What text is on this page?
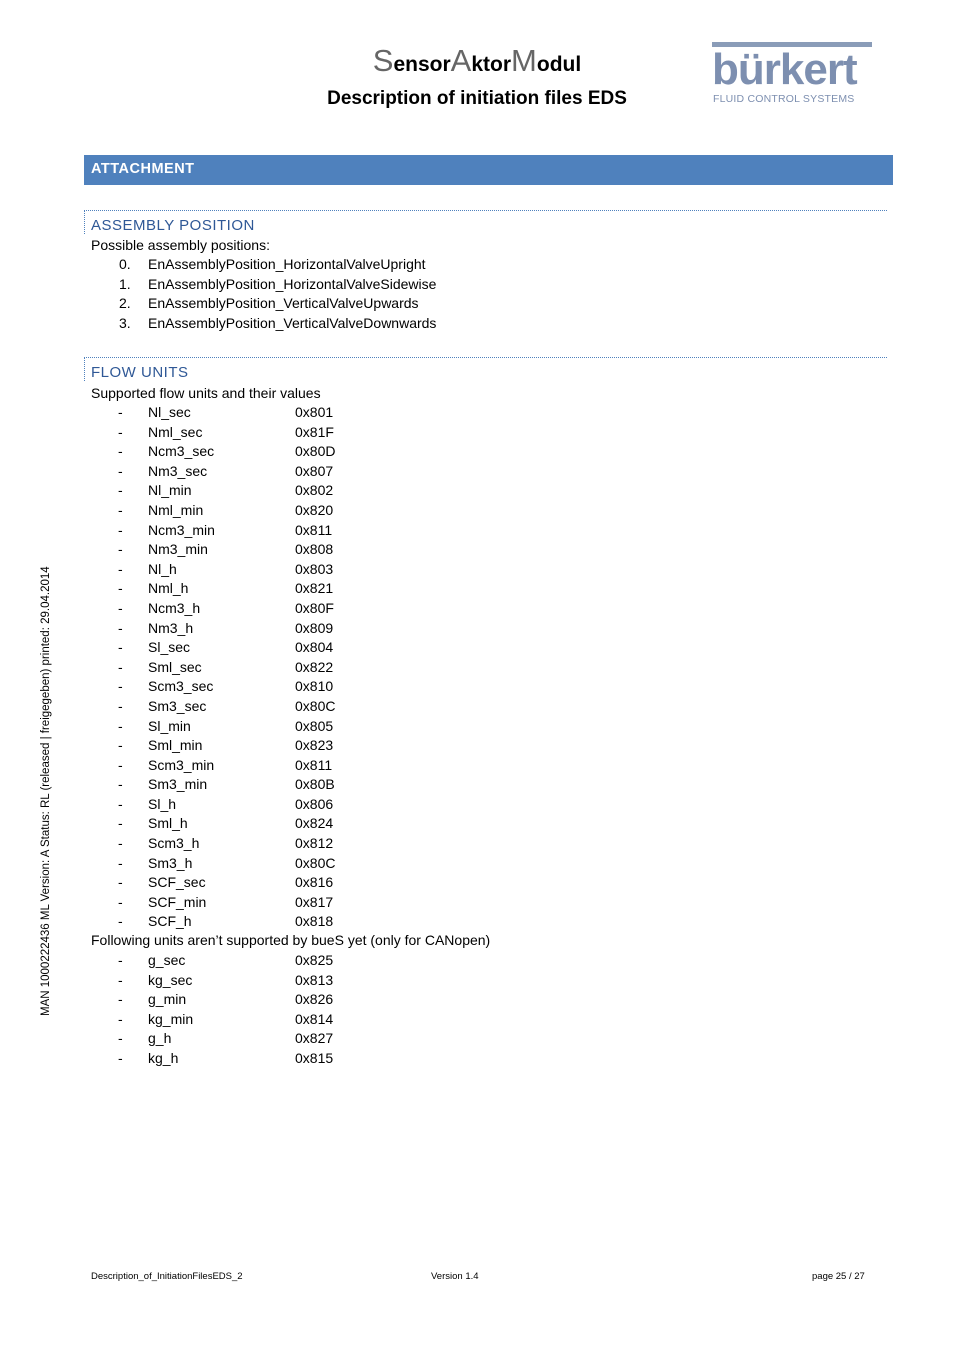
SensorAktorModul
Description of initiation files EDS
bürkert
FLUID CONTROL SYSTEMS
ATTACHMENT
ASSEMBLY POSITION
Possible assembly positions:
0.	EnAssemblyPosition_HorizontalValveUpright
1.	EnAssemblyPosition_HorizontalValveSidewise
2.	EnAssemblyPosition_VerticalValveUpwards
3.	EnAssemblyPosition_VerticalValveDownwards
FLOW UNITS
Supported flow units and their values
-	Nl_sec	0x801
-	Nml_sec	0x81F
-	Ncm3_sec	0x80D
-	Nm3_sec	0x807
-	Nl_min	0x802
-	Nml_min	0x820
-	Ncm3_min	0x811
-	Nm3_min	0x808
-	Nl_h	0x803
-	Nml_h	0x821
-	Ncm3_h	0x80F
-	Nm3_h	0x809
-	Sl_sec	0x804
-	Sml_sec	0x822
-	Scm3_sec	0x810
-	Sm3_sec	0x80C
-	Sl_min	0x805
-	Sml_min	0x823
-	Scm3_min	0x811
-	Sm3_min	0x80B
-	Sl_h	0x806
-	Sml_h	0x824
-	Scm3_h	0x812
-	Sm3_h	0x80C
-	SCF_sec	0x816
-	SCF_min	0x817
-	SCF_h	0x818
Following units aren’t supported by bueS yet (only for CANopen)
-	g_sec	0x825
-	kg_sec	0x813
-	g_min	0x826
-	kg_min	0x814
-	g_h	0x827
-	kg_h	0x815
MAN 1000222436 ML Version: A Status: RL (released | freigegeben) printed: 29.04.2014
Description_of_InitiationFilesEDS_2	Version 1.4	page 25 / 27
